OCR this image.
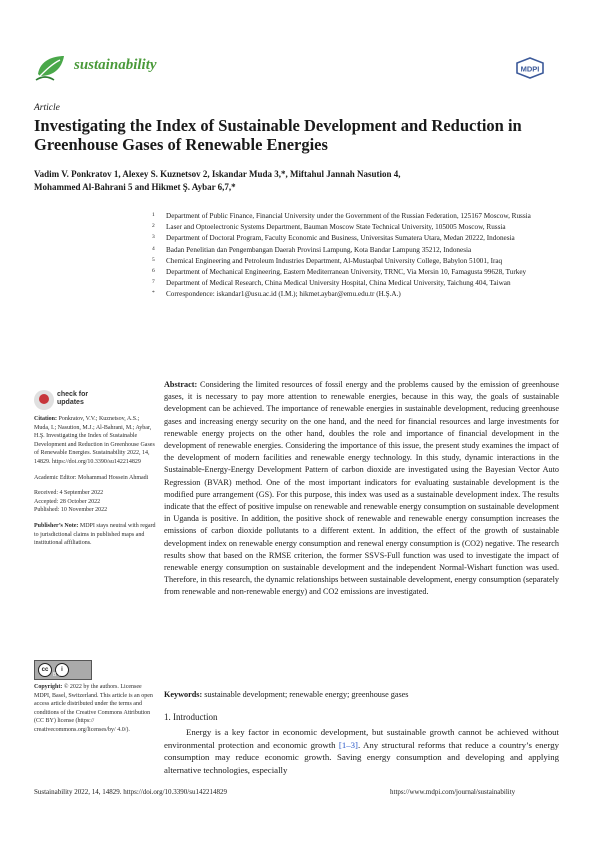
sustainability	MDPI
Article
Investigating the Index of Sustainable Development and Reduction in Greenhouse Gases of Renewable Energies
Vadim V. Ponkratov 1, Alexey S. Kuznetsov 2, Iskandar Muda 3,*, Miftahul Jannah Nasution 4,
Mohammed Al-Bahrani 5 and Hikmet Ş. Aybar 6,7,*
1 Department of Public Finance, Financial University under the Government of the Russian Federation, 125167 Moscow, Russia
2 Laser and Optoelectronic Systems Department, Bauman Moscow State Technical University, 105005 Moscow, Russia
3 Department of Doctoral Program, Faculty Economic and Business, Universitas Sumatera Utara, Medan 20222, Indonesia
4 Badan Penelitian dan Pengembangan Daerah Provinsi Lampung, Kota Bandar Lampung 35212, Indonesia
5 Chemical Engineering and Petroleum Industries Department, Al-Mustaqbal University College, Babylon 51001, Iraq
6 Department of Mechanical Engineering, Eastern Mediterranean University, TRNC, Via Mersin 10, Famagusta 99628, Turkey
7 Department of Medical Research, China Medical University Hospital, China Medical University, Taichung 404, Taiwan
* Correspondence: iskandar1@usu.ac.id (I.M.); hikmet.aybar@emu.edu.tr (H.Ş.A.)
check for
updates

Citation: Ponkratov, V.V.; Kuznetsov, A.S.; Muda, I.; Nasution, M.J.; Al-Bahrani, M.; Aybar, H.Ş. Investigating the Index of Sustainable Development and Reduction in Greenhouse Gases of Renewable Energies. Sustainability 2022, 14, 14829. https://doi.org/10.3390/su142214829

Academic Editor: Mohammad Hossein Ahmadi

Received: 4 September 2022

Accepted: 28 October 2022

Published: 10 November 2022

Publisher’s Note: MDPI stays neutral with regard to jurisdictional claims in published maps and institutional affiliations.

cc	i
BY

Copyright: © 2022 by the authors. Licensee MDPI, Basel, Switzerland. This article is an open access article distributed under the terms and conditions of the Creative Commons Attribution (CC BY) license (https:// creativecommons.org/licenses/by/ 4.0/).

Abstract: Considering the limited resources of fossil energy and the problems caused by the emission of greenhouse gases, it is necessary to pay more attention to renewable energies, because in this way, the goals of sustainable development can be achieved. The importance of renewable energies in sustainable development, reducing greenhouse gases and increasing energy security on the one hand, and the need for financial resources and large investments for renewable energy projects on the other hand, doubles the role and importance of financial development in the development of renewable energies. Considering the importance of this issue, the present study examines the impact of the development of modern facilities and renewable energy technology. In this study, dynamic interactions in the Sustainable-Energy-Energy Development Pattern of carbon dioxide are investigated using the Bayesian Vector Auto Regression (BVAR) method. One of the most important indicators for evaluating sustainable development is the modified pure arrangement (GS). For this purpose, this index was used as a sustainable development index. The results indicate that the effect of positive impulse on renewable and renewable energy consumption on sustainable development in Uganda is positive. In addition, the positive shock of renewable and renewable energy consumption increases the emissions of carbon dioxide pollutants to a different extent. In addition, the effect of the growth of sustainable development index on renewable energy consumption and renewal energy consumption is (CO2) negative. The research results show that based on the RMSE criterion, the former SSVS-Full function was used to investigate the impact of renewable energy consumption on sustainable development and the independent Normal-Wishart function was used. Therefore, in this research, the dynamic relationships between sustainable development, energy consumption (separately from renewable and non-renewable energy) and CO2 emissions are investigated.

Keywords: sustainable development; renewable energy; greenhouse gases

1. Introduction

Energy is a key factor in economic development, but sustainable growth cannot be achieved without environmental protection and economic growth [1–3]. Any structural reforms that reduce a country’s energy consumption may reduce economic growth. Saving energy consumption and developing and applying alternative technologies, especially

Sustainability 2022, 14, 14829. https://doi.org/10.3390/su142214829	https://www.mdpi.com/journal/sustainability
